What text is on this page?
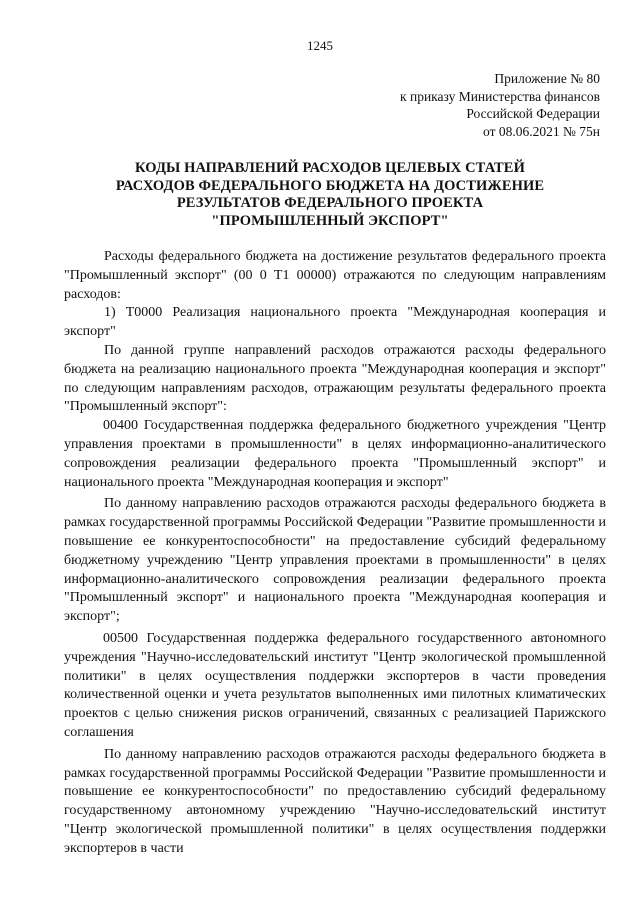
1245
Приложение № 80
к приказу Министерства финансов
Российской Федерации
от 08.06.2021 № 75н
КОДЫ НАПРАВЛЕНИЙ РАСХОДОВ ЦЕЛЕВЫХ СТАТЕЙ
РАСХОДОВ ФЕДЕРАЛЬНОГО БЮДЖЕТА НА ДОСТИЖЕНИЕ
РЕЗУЛЬТАТОВ ФЕДЕРАЛЬНОГО ПРОЕКТА
"ПРОМЫШЛЕННЫЙ ЭКСПОРТ"

Расходы федерального бюджета на достижение результатов федерального проекта "Промышленный экспорт" (00 0 Т1 00000) отражаются по следующим направлениям расходов:

1) Т0000 Реализация национального проекта "Международная кооперация и экспорт"

По данной группе направлений расходов отражаются расходы федерального бюджета на реализацию национального проекта "Международная кооперация и экспорт" по следующим направлениям расходов, отражающим результаты федерального проекта "Промышленный экспорт":

00400 Государственная поддержка федерального бюджетного учреждения "Центр управления проектами в промышленности" в целях информационно-аналитического сопровождения реализации федерального проекта "Промышленный экспорт" и национального проекта "Международная кооперация и экспорт"

По данному направлению расходов отражаются расходы федерального бюджета в рамках государственной программы Российской Федерации "Развитие промышленности и повышение ее конкурентоспособности" на предоставление субсидий федеральному бюджетному учреждению "Центр управления проектами в промышленности" в целях информационно-аналитического сопровождения реализации федерального проекта "Промышленный экспорт" и национального проекта "Международная кооперация и экспорт";

00500 Государственная поддержка федерального государственного автономного учреждения "Научно-исследовательский институт "Центр экологической промышленной политики" в целях осуществления поддержки экспортеров в части проведения количественной оценки и учета результатов выполненных ими пилотных климатических проектов с целью снижения рисков ограничений, связанных с реализацией Парижского соглашения

По данному направлению расходов отражаются расходы федерального бюджета в рамках государственной программы Российской Федерации "Развитие промышленности и повышение ее конкурентоспособности" по предоставлению субсидий федеральному государственному автономному учреждению "Научно-исследовательский институт "Центр экологической промышленной политики" в целях осуществления поддержки экспортеров в части
